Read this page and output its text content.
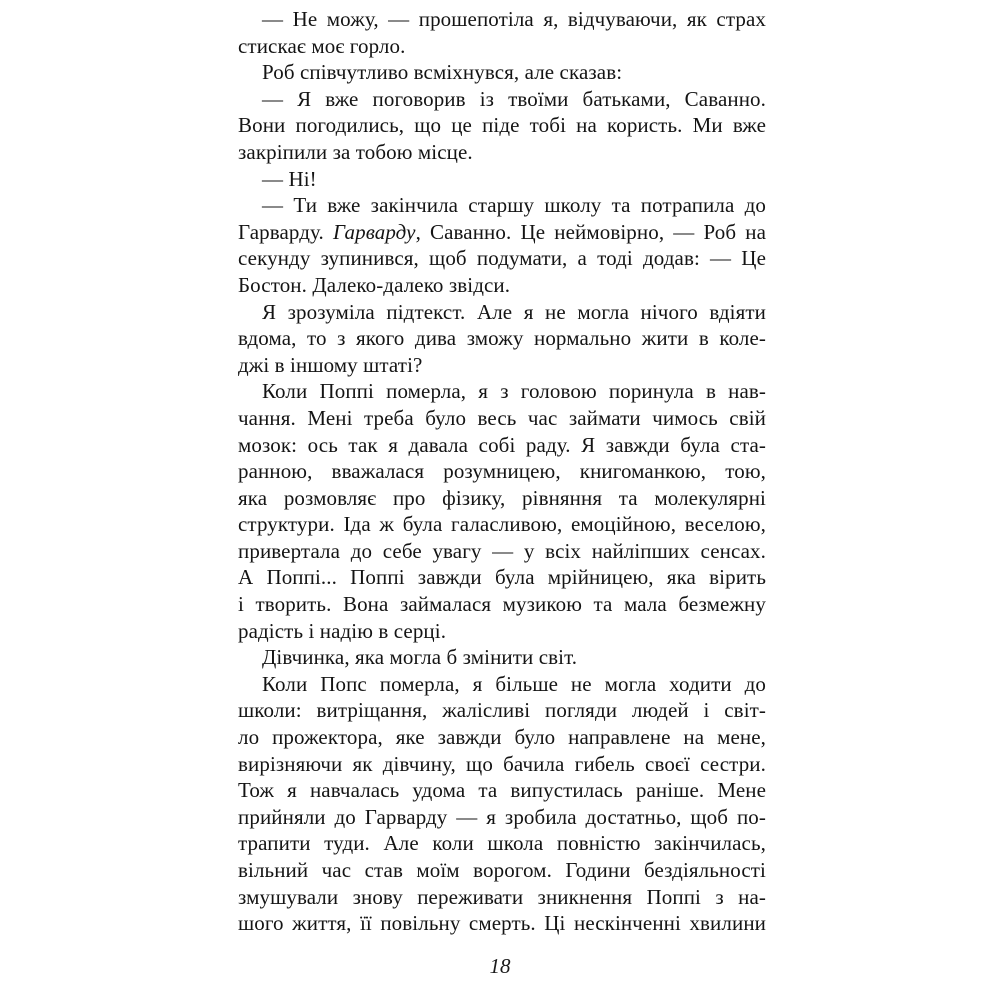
— Не можу, — прошепотіла я, відчуваючи, як страх
стискає моє горло.
Роб співчутливо всміхнувся, але сказав:
— Я вже поговорив із твоїми батьками, Саванно.
Вони погодились, що це піде тобі на користь. Ми вже
закріпили за тобою місце.
— Ні!
— Ти вже закінчила старшу школу та потрапила до
Гарварду. Гарварду, Саванно. Це неймовірно, — Роб на
секунду зупинився, щоб подумати, а тоді додав: — Це
Бостон. Далеко-далеко звідси.
Я зрозуміла підтекст. Але я не могла нічого вдіяти
вдома, то з якого дива зможу нормально жити в коле-
джі в іншому штаті?
Коли Поппі померла, я з головою поринула в нав-
чання. Мені треба було весь час займати чимось свій
мозок: ось так я давала собі раду. Я завжди була ста-
ранною, вважалася розумницею, книгоманкою, тою,
яка розмовляє про фізику, рівняння та молекулярні
структури. Іда ж була галасливою, емоційною, веселою,
привертала до себе увагу — у всіх найліпших сенсах.
А Поппі... Поппі завжди була мрійницею, яка вірить
і творить. Вона займалася музикою та мала безмежну
радість і надію в серці.
Дівчинка, яка могла б змінити світ.
Коли Попс померла, я більше не могла ходити до
школи: витріщання, жалісливі погляди людей і світ-
ло прожектора, яке завжди було направлене на мене,
вирізняючи як дівчину, що бачила гибель своєї сестри.
Тож я навчалась удома та випустилась раніше. Мене
прийняли до Гарварду — я зробила достатньо, щоб по-
трапити туди. Але коли школа повністю закінчилась,
вільний час став моїм ворогом. Години бездіяльності
змушували знову переживати зникнення Поппі з на-
шого життя, її повільну смерть. Ці нескінченні хвилини
18
